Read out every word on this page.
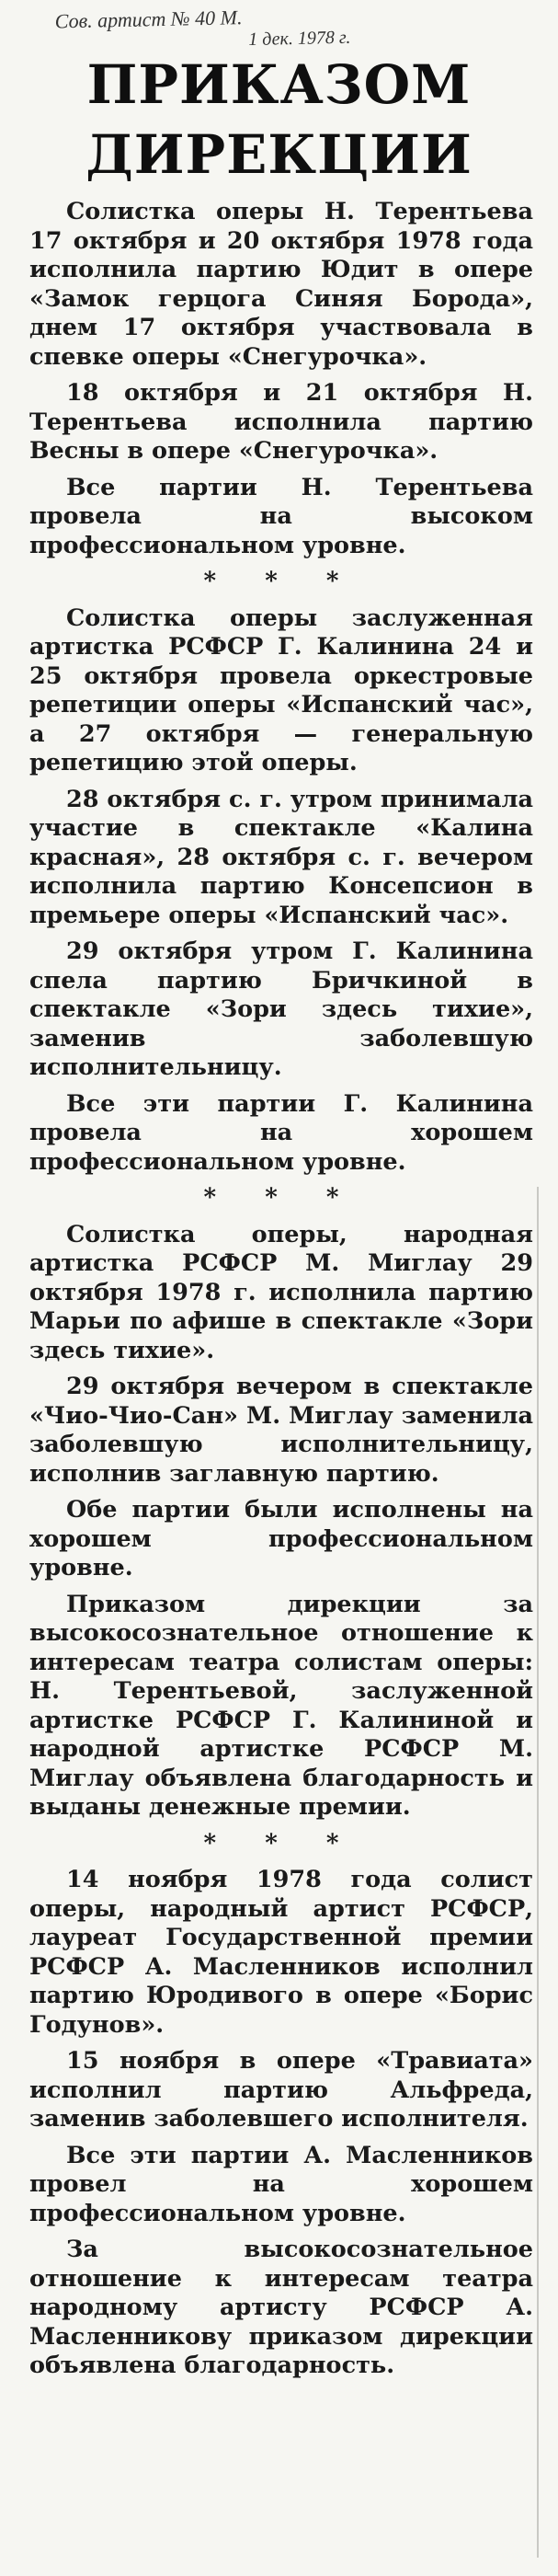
Сов. артист № 40 М.
1 дек. 1978 г.
ПРИКАЗОМ
ДИРЕКЦИИ

Солистка оперы Н. Терентьева 17 октября и 20 октября 1978 года исполнила партию Юдит в опере «Замок герцога Синяя Борода», днем 17 октября участвовала в спевке оперы «Снегурочка».

18 октября и 21 октября Н. Терентьева исполнила партию Весны в опере «Снегурочка».

Все партии Н. Терентьева провела на высоком профессиональном уровне.

* * *

Солистка оперы заслуженная артистка РСФСР Г. Калинина 24 и 25 октября провела оркестровые репетиции оперы «Испанский час», а 27 октября — генеральную репетицию этой оперы.

28 октября с. г. утром принимала участие в спектакле «Калина красная», 28 октября с. г. вечером исполнила партию Консепсион в премьере оперы «Испанский час».

29 октября утром Г. Калинина спела партию Бричкиной в спектакле «Зори здесь тихие», заменив заболевшую исполнительницу.

Все эти партии Г. Калинина провела на хорошем профессиональном уровне.

* * *

Солистка оперы, народная артистка РСФСР М. Миглау 29 октября 1978 г. исполнила партию Марьи по афише в спектакле «Зори здесь тихие».

29 октября вечером в спектакле «Чио-Чио-Сан» М. Миглау заменила заболевшую исполнительницу, исполнив заглавную партию.

Обе партии были исполнены на хорошем профессиональном уровне.

Приказом дирекции за высокосознательное отношение к интересам театра солистам оперы: Н. Терентьевой, заслуженной артистке РСФСР Г. Калининой и народной артистке РСФСР М. Миглау объявлена благодарность и выданы денежные премии.

* * *

14 ноября 1978 года солист оперы, народный артист РСФСР, лауреат Государственной премии РСФСР А. Масленников исполнил партию Юродивого в опере «Борис Годунов».

15 ноября в опере «Травиата» исполнил партию Альфреда, заменив заболевшего исполнителя.

Все эти партии А. Масленников провел на хорошем профессиональном уровне.

За высокосознательное отношение к интересам театра народному артисту РСФСР А. Масленникову приказом дирекции объявлена благодарность.
